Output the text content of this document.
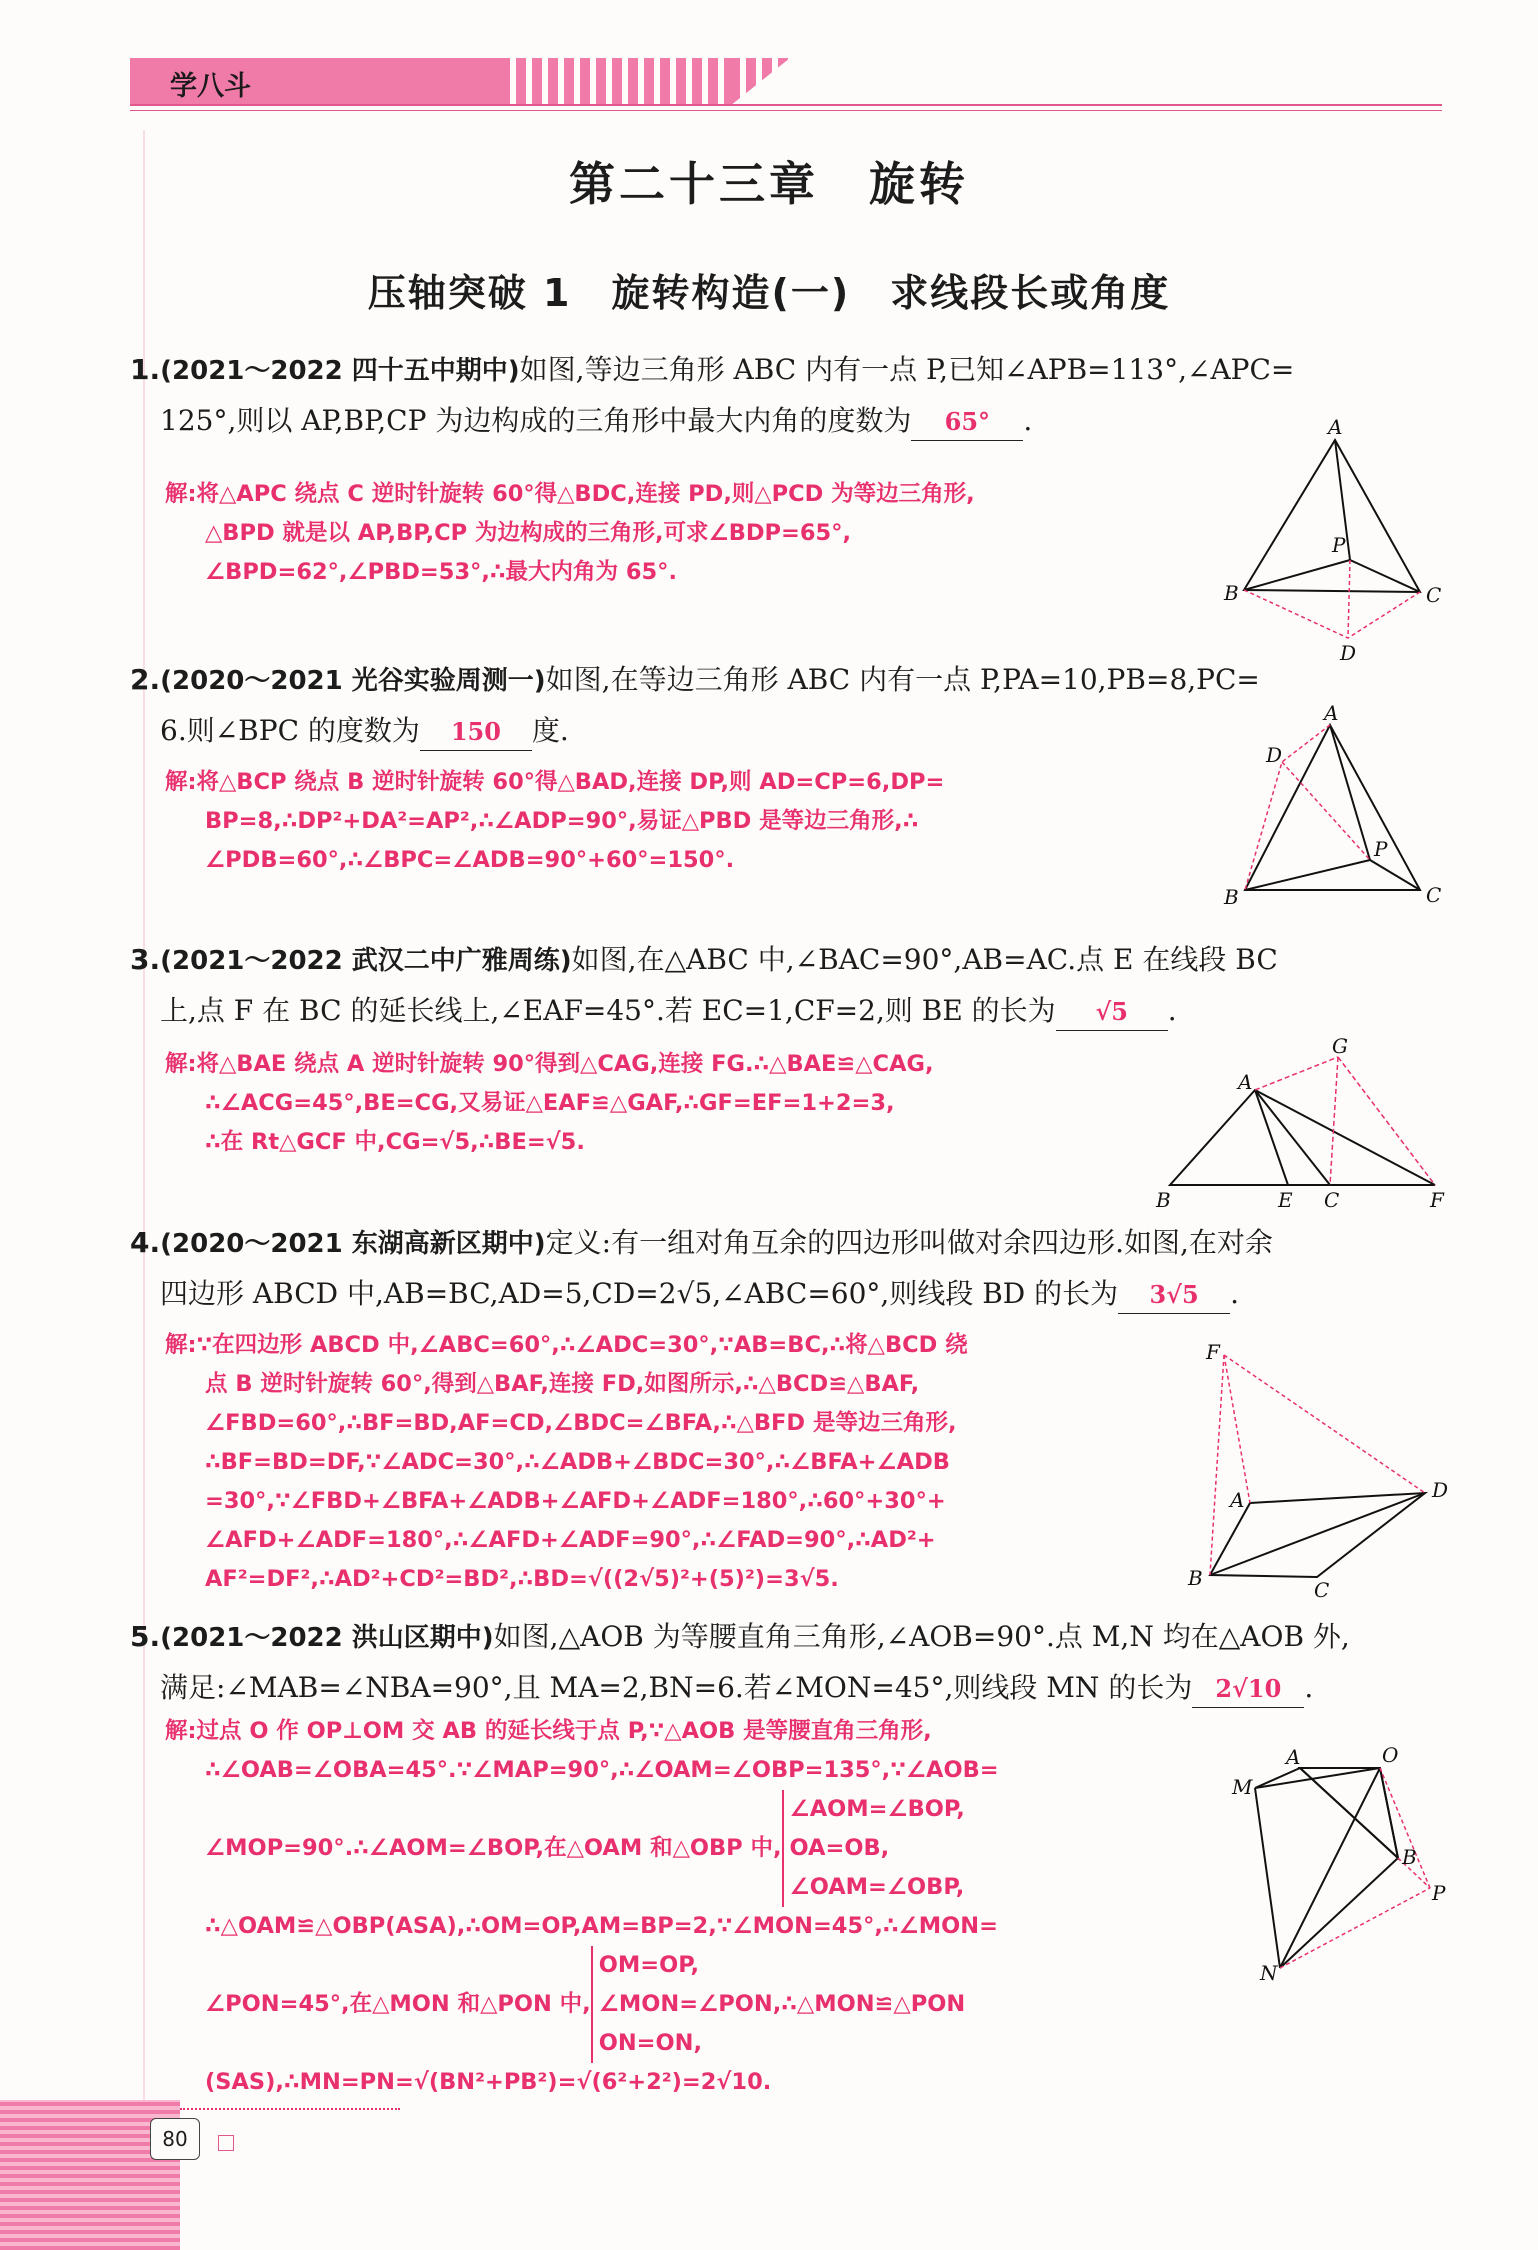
学八斗
第二十三章　旋转
压轴突破 1　旋转构造(一)　求线段长或角度
1.(2021～2022 四十五中期中)如图,等边三角形 ABC 内有一点 P,已知∠APB=113°,∠APC=
125°,则以 AP,BP,CP 为边构成的三角形中最大内角的度数为 65° .
解:将△APC 绕点 C 逆时针旋转 60°得△BDC,连接 PD,则△PCD 为等边三角形,
△BPD 就是以 AP,BP,CP 为边构成的三角形,可求∠BDP=65°,
∠BPD=62°,∠PBD=53°,∴最大内角为 65°.
A
P
B	C
D
2.(2020～2021 光谷实验周测一)如图,在等边三角形 ABC 内有一点 P,PA=10,PB=8,PC=
6.则∠BPC 的度数为 150 度.
解:将△BCP 绕点 B 逆时针旋转 60°得△BAD,连接 DP,则 AD=CP=6,DP=
BP=8,∴DP²+DA²=AP²,∴∠ADP=90°,易证△PBD 是等边三角形,∴
∠PDB=60°,∴∠BPC=∠ADB=90°+60°=150°.
A
D
P
B	C
3.(2021～2022 武汉二中广雅周练)如图,在△ABC 中,∠BAC=90°,AB=AC.点 E 在线段 BC
上,点 F 在 BC 的延长线上,∠EAF=45°.若 EC=1,CF=2,则 BE 的长为 √5 .
解:将△BAE 绕点 A 逆时针旋转 90°得到△CAG,连接 FG.∴△BAE≌△CAG,
∴∠ACG=45°,BE=CG,又易证△EAF≌△GAF,∴GF=EF=1+2=3,
∴在 Rt△GCF 中,CG=√5,∴BE=√5.
G
A
B	E C	F
4.(2020～2021 东湖高新区期中)定义:有一组对角互余的四边形叫做对余四边形.如图,在对余
四边形 ABCD 中,AB=BC,AD=5,CD=2√5,∠ABC=60°,则线段 BD 的长为 3√5 .
解:∵在四边形 ABCD 中,∠ABC=60°,∴∠ADC=30°,∵AB=BC,∴将△BCD 绕
点 B 逆时针旋转 60°,得到△BAF,连接 FD,如图所示,∴△BCD≌△BAF,
∠FBD=60°,∴BF=BD,AF=CD,∠BDC=∠BFA,∴△BFD 是等边三角形,
∴BF=BD=DF,∵∠ADC=30°,∴∠ADB+∠BDC=30°,∴∠BFA+∠ADB
=30°,∵∠FBD+∠BFA+∠ADB+∠AFD+∠ADF=180°,∴60°+30°+
∠AFD+∠ADF=180°,∴∠AFD+∠ADF=90°,∴∠FAD=90°,∴AD²+
AF²=DF²,∴AD²+CD²=BD²,∴BD=√((2√5)²+(5)²)=3√5.
F
A	D
B	C
5.(2021～2022 洪山区期中)如图,△AOB 为等腰直角三角形,∠AOB=90°.点 M,N 均在△AOB 外,
满足:∠MAB=∠NBA=90°,且 MA=2,BN=6.若∠MON=45°,则线段 MN 的长为 2√10 .
解:过点 O 作 OP⊥OM 交 AB 的延长线于点 P,∵△AOB 是等腰直角三角形,
∴∠OAB=∠OBA=45°.∵∠MAP=90°,∴∠OAM=∠OBP=135°,∵∠AOB=
∠MOP=90°.∴∠AOM=∠BOP,在△OAM 和△OBP 中,
∠AOM=∠BOP,
OA=OB,
∠OAM=∠OBP,
∴△OAM≌△OBP(ASA),∴OM=OP,AM=BP=2,∵∠MON=45°,∴∠MON=
∠PON=45°,在△MON 和△PON 中,
OM=OP,
∠MON=∠PON,
ON=ON,
∴△MON≌△PON
(SAS),∴MN=PN=√(BN²+PB²)=√(6²+2²)=2√10.
A	O
M
B
P
N
80
